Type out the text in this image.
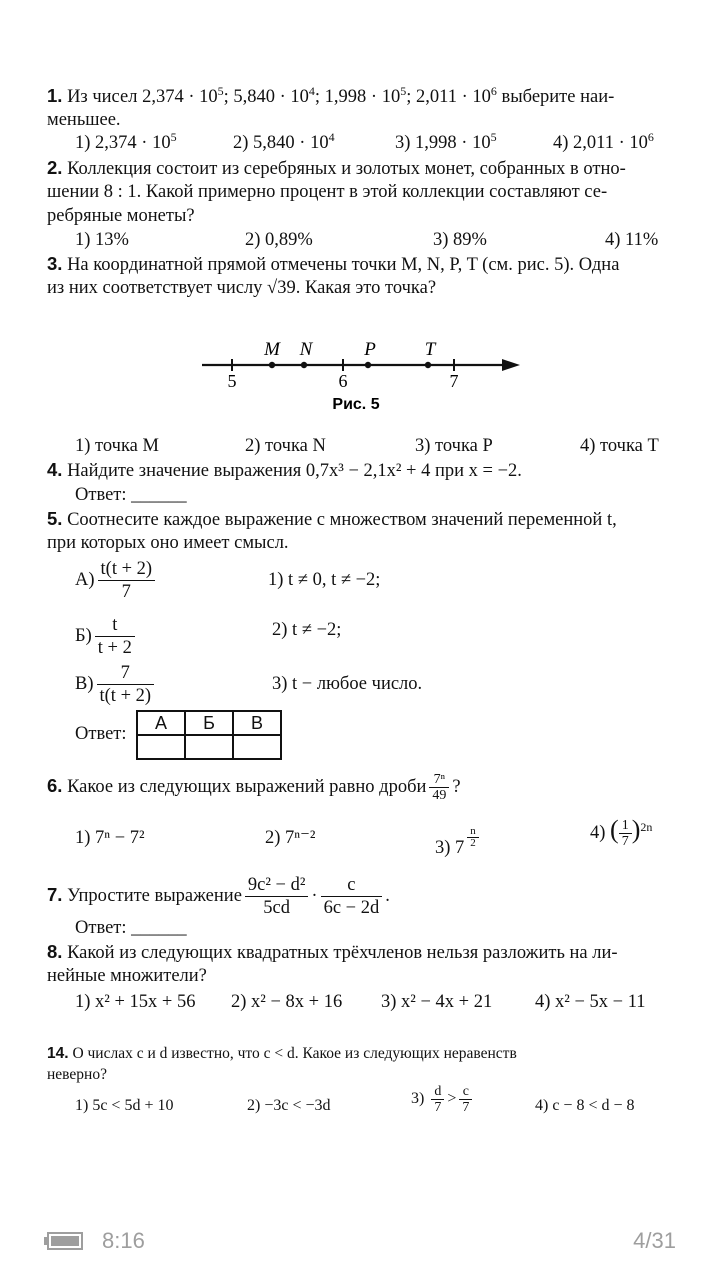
1. Из чисел $2,374 \cdot 10^5$; $5,840 \cdot 10^4$; $1,998 \cdot 10^5$; $2,011 \cdot 10^6$ выберите наи-
меньшее.
1) $2,374 \cdot 10^5$	2) $5,840 \cdot 10^4$	3) $1,998 \cdot 10^5$	4) $2,011 \cdot 10^6$
2. Коллекция состоит из серебряных и золотых монет, собранных в отно-
шении 8 : 1. Какой примерно процент в этой коллекции составляют се-
ребряные монеты?
1) 13%	2) 0,89%	3) 89%	4) 11%
3. На координатной прямой отмечены точки M, N, P, T (см. рис. 5). Одна
из них соответствует числу √39. Какая это точка?
M N	P	T
5	6	7
Рис. 5
1) точка M	2) точка N	3) точка P	4) точка T
4. Найдите значение выражения 0,7x³ − 2,1x² + 4 при x = −2.
Ответ: ______
5. Соотнесите каждое выражение с множеством значений переменной t,
при которых оно имеет смысл.
$А) \frac{t(t + 2)}{7}$	1) t ≠ 0, t ≠ −2;
$Б) \frac{t}{t + 2}$	2) t ≠ −2;
$В) \frac{7}{t(t + 2)}$	3) t − любое число.
Ответ:
А	Б	В

6. Какое из следующих выражений равно дроби $\frac{\text{7ⁿ}}{49}$ ?
1) 7ⁿ − 7²	2) 7ⁿ⁻²
3) $7 \frac{n}{2}$	4) ( $\frac{1}{7} )^{2n}$
7. Упростите выражение $\frac{\text{9c² − d²}}{5cd} \cdot \frac{c}{6c - 2d}$ .
Ответ: ______
8. Какой из следующих квадратных трёхчленов нельзя разложить на ли-
нейные множители?
1) x² + 15x + 56 2) x² − 8x + 16 3) x² − 4x + 21 4) x² − 5x − 11
14. О числах c и d известно, что c < d. Какое из следующих неравенств
неверно?
1) 5c < 5d + 10	2) −3c < −3d	$3) \frac{d}{7} > \frac{c}{7}$	4) c − 8 < d − 8
8:16	4/31
